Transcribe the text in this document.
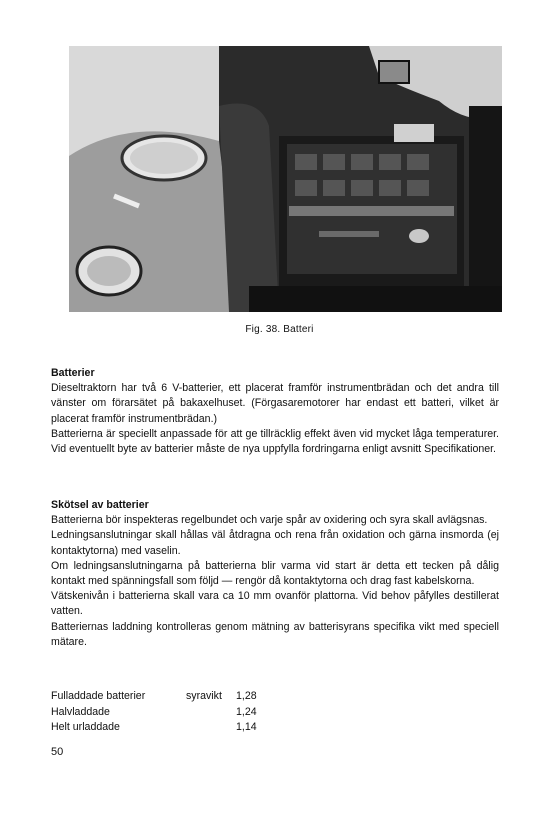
Fig. 38. Batteri
Batterier

Dieseltraktorn har två 6 V-batterier, ett placerat framför instrumentbrädan och det andra till vänster om förarsätet på bakaxelhuset. (Förgasaremotorer har endast ett batteri, vilket är placerat framför instrumentbrädan.)

Batterierna är speciellt anpassade för att ge tillräcklig effekt även vid mycket låga temperaturer. Vid eventuellt byte av batterier måste de nya uppfylla fordringarna enligt avsnitt Specifikationer.

Skötsel av batterier

Batterierna bör inspekteras regelbundet och varje spår av oxidering och syra skall avlägsnas.

Ledningsanslutningar skall hållas väl åtdragna och rena från oxidation och gärna insmorda (ej kontaktytorna) med vaselin.

Om ledningsanslutningarna på batterierna blir varma vid start är detta ett tecken på dålig kontakt med spänningsfall som följd — rengör då kontaktytorna och drag fast kabelskorna.

Vätskenivån i batterierna skall vara ca 10 mm ovanför plattorna. Vid behov påfylles destillerat vatten.

Batteriernas laddning kontrolleras genom mätning av batterisyrans specifika vikt med speciell mätare.

Fulladdade batterier	syravikt	1,28
Halvladdade	1,24
Helt urladdade	1,14
50
